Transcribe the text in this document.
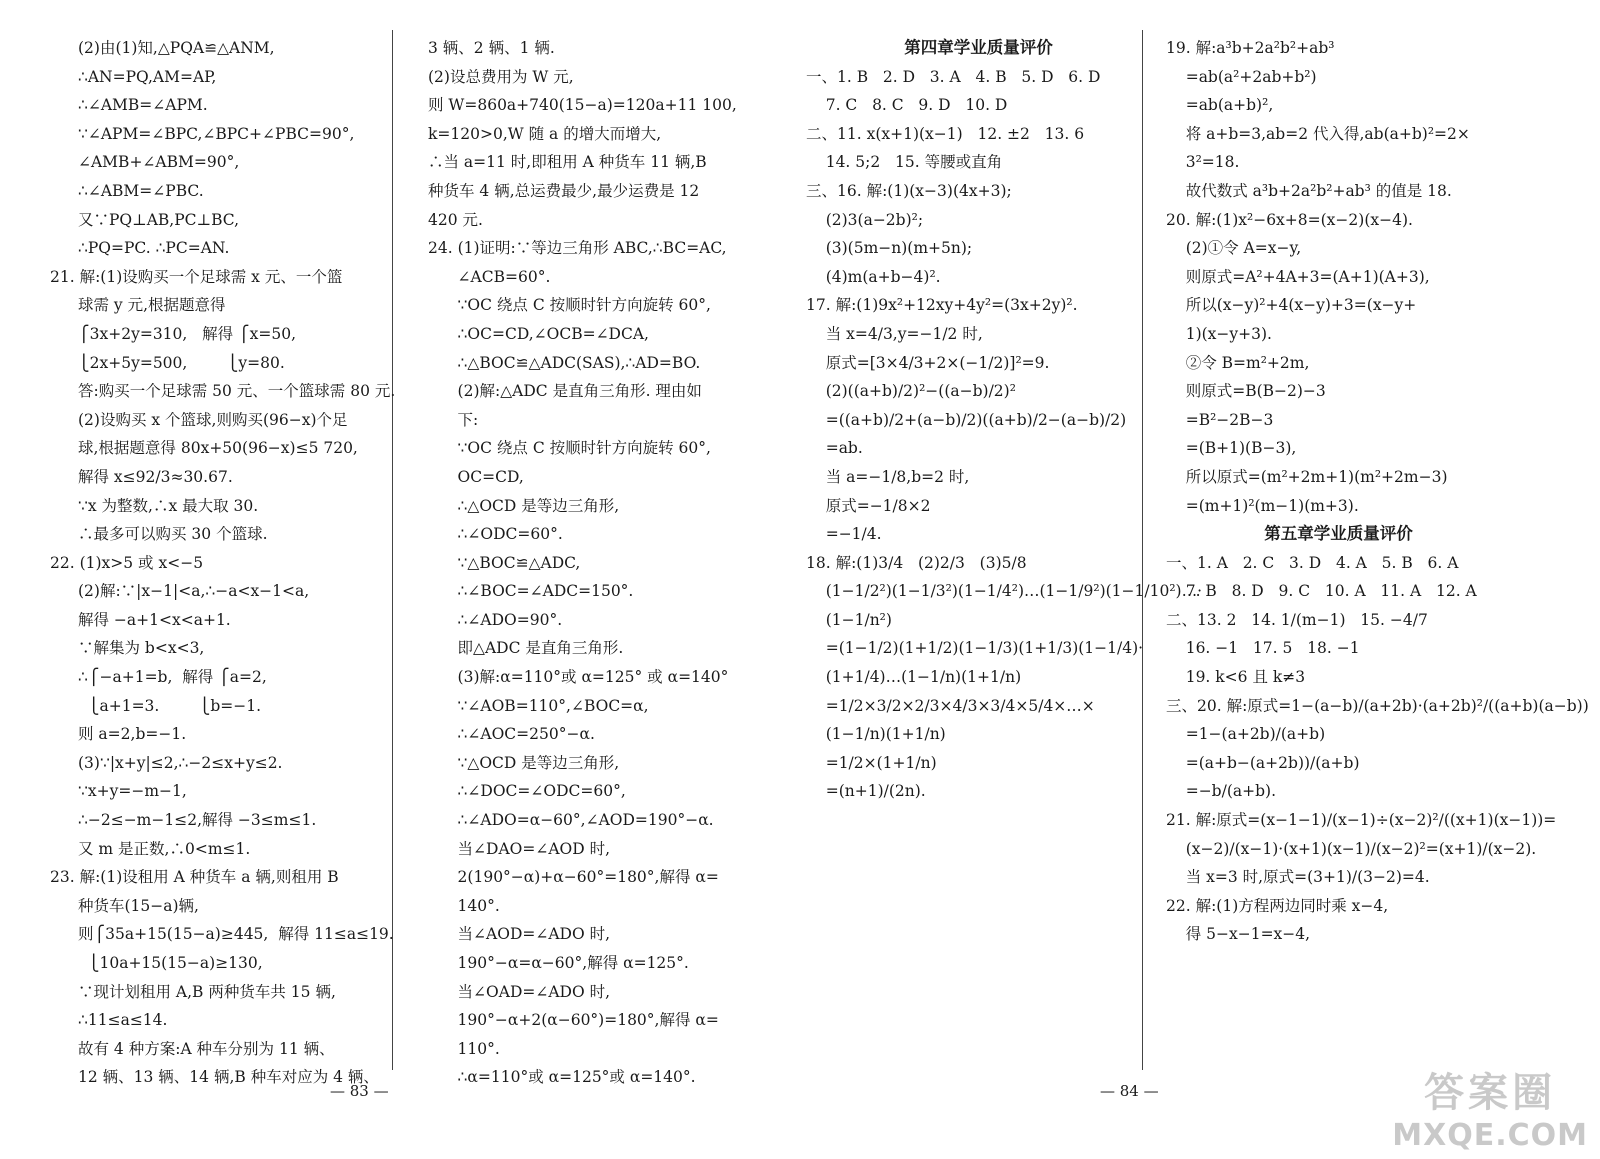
(2)由(1)知,△PQA≌△ANM,
∴AN=PQ,AM=AP,
∴∠AMB=∠APM.
∵∠APM=∠BPC,∠BPC+∠PBC=90°,
∠AMB+∠ABM=90°,
∴∠ABM=∠PBC.
又∵PQ⊥AB,PC⊥BC,
∴PQ=PC. ∴PC=AN.
21. 解:(1)设购买一个足球需 x 元、一个篮
球需 y 元,根据题意得
⎧3x+2y=310,   解得 ⎧x=50,
⎩2x+5y=500,        ⎩y=80.
答:购买一个足球需 50 元、一个篮球需 80 元.
(2)设购买 x 个篮球,则购买(96−x)个足
球,根据题意得 80x+50(96−x)≤5 720,
解得 x≤92/3≈30.67.
∵x 为整数,∴x 最大取 30.
∴最多可以购买 30 个篮球.
22. (1)x>5 或 x<−5
(2)解:∵|x−1|<a,∴−a<x−1<a,
解得 −a+1<x<a+1.
∵解集为 b<x<3,
∴⎧−a+1=b,  解得 ⎧a=2,
⎩a+1=3.        ⎩b=−1.
则 a=2,b=−1.
(3)∵|x+y|≤2,∴−2≤x+y≤2.
∵x+y=−m−1,
∴−2≤−m−1≤2,解得 −3≤m≤1.
又 m 是正数,∴0<m≤1.
23. 解:(1)设租用 A 种货车 a 辆,则租用 B
种货车(15−a)辆,
则⎧35a+15(15−a)≥445,  解得 11≤a≤19.
⎩10a+15(15−a)≥130,
∵现计划租用 A,B 两种货车共 15 辆,
∴11≤a≤14.
故有 4 种方案:A 种车分别为 11 辆、
12 辆、13 辆、14 辆,B 种车对应为 4 辆、
3 辆、2 辆、1 辆.
(2)设总费用为 W 元,
则 W=860a+740(15−a)=120a+11 100,
k=120>0,W 随 a 的增大而增大,
∴当 a=11 时,即租用 A 种货车 11 辆,B
种货车 4 辆,总运费最少,最少运费是 12
420 元.
24. (1)证明:∵等边三角形 ABC,∴BC=AC,
∠ACB=60°.
∵OC 绕点 C 按顺时针方向旋转 60°,
∴OC=CD,∠OCB=∠DCA,
∴△BOC≌△ADC(SAS),∴AD=BO.
(2)解:△ADC 是直角三角形. 理由如
下:
∵OC 绕点 C 按顺时针方向旋转 60°,
OC=CD,
∴△OCD 是等边三角形,
∴∠ODC=60°.
∵△BOC≌△ADC,
∴∠BOC=∠ADC=150°.
∴∠ADO=90°.
即△ADC 是直角三角形.
(3)解:α=110°或 α=125° 或 α=140°
∵∠AOB=110°,∠BOC=α,
∴∠AOC=250°−α.
∵△OCD 是等边三角形,
∴∠DOC=∠ODC=60°,
∴∠ADO=α−60°,∠AOD=190°−α.
当∠DAO=∠AOD 时,
2(190°−α)+α−60°=180°,解得 α=
140°.
当∠AOD=∠ADO 时,
190°−α=α−60°,解得 α=125°.
当∠OAD=∠ADO 时,
190°−α+2(α−60°)=180°,解得 α=
110°.
∴α=110°或 α=125°或 α=140°.
第四章学业质量评价
一、1. B   2. D   3. A   4. B   5. D   6. D
7. C   8. C   9. D   10. D
二、11. x(x+1)(x−1)   12. ±2   13. 6
14. 5;2   15. 等腰或直角
三、16. 解:(1)(x−3)(4x+3);
(2)3(a−2b)²;
(3)(5m−n)(m+5n);
(4)m(a+b−4)².
17. 解:(1)9x²+12xy+4y²=(3x+2y)².
当 x=4/3,y=−1/2 时,
原式=[3×4/3+2×(−1/2)]²=9.
(2)((a+b)/2)²−((a−b)/2)²
=((a+b)/2+(a−b)/2)((a+b)/2−(a−b)/2)
=ab.
当 a=−1/8,b=2 时,
原式=−1/8×2
=−1/4.
18. 解:(1)3/4   (2)2/3   (3)5/8
(1−1/2²)(1−1/3²)(1−1/4²)…(1−1/9²)(1−1/10²)…·
(1−1/n²)
=(1−1/2)(1+1/2)(1−1/3)(1+1/3)(1−1/4)·
(1+1/4)…(1−1/n)(1+1/n)
=1/2×3/2×2/3×4/3×3/4×5/4×…×
(1−1/n)(1+1/n)
=1/2×(1+1/n)
=(n+1)/(2n).
19. 解:a³b+2a²b²+ab³
=ab(a²+2ab+b²)
=ab(a+b)²,
将 a+b=3,ab=2 代入得,ab(a+b)²=2×
3²=18.
故代数式 a³b+2a²b²+ab³ 的值是 18.
20. 解:(1)x²−6x+8=(x−2)(x−4).
(2)①令 A=x−y,
则原式=A²+4A+3=(A+1)(A+3),
所以(x−y)²+4(x−y)+3=(x−y+
1)(x−y+3).
②令 B=m²+2m,
则原式=B(B−2)−3
=B²−2B−3
=(B+1)(B−3),
所以原式=(m²+2m+1)(m²+2m−3)
=(m+1)²(m−1)(m+3).
第五章学业质量评价
一、1. A   2. C   3. D   4. A   5. B   6. A
7. B   8. D   9. C   10. A   11. A   12. A
二、13. 2   14. 1/(m−1)   15. −4/7
16. −1   17. 5   18. −1
19. k<6 且 k≠3
三、20. 解:原式=1−(a−b)/(a+2b)·(a+2b)²/((a+b)(a−b))
=1−(a+2b)/(a+b)
=(a+b−(a+2b))/(a+b)
=−b/(a+b).
21. 解:原式=(x−1−1)/(x−1)÷(x−2)²/((x+1)(x−1))=
(x−2)/(x−1)·(x+1)(x−1)/(x−2)²=(x+1)/(x−2).
当 x=3 时,原式=(3+1)/(3−2)=4.
22. 解:(1)方程两边同时乘 x−4,
得 5−x−1=x−4,
— 83 —	— 84 —	答案圈
MXQE.COM
